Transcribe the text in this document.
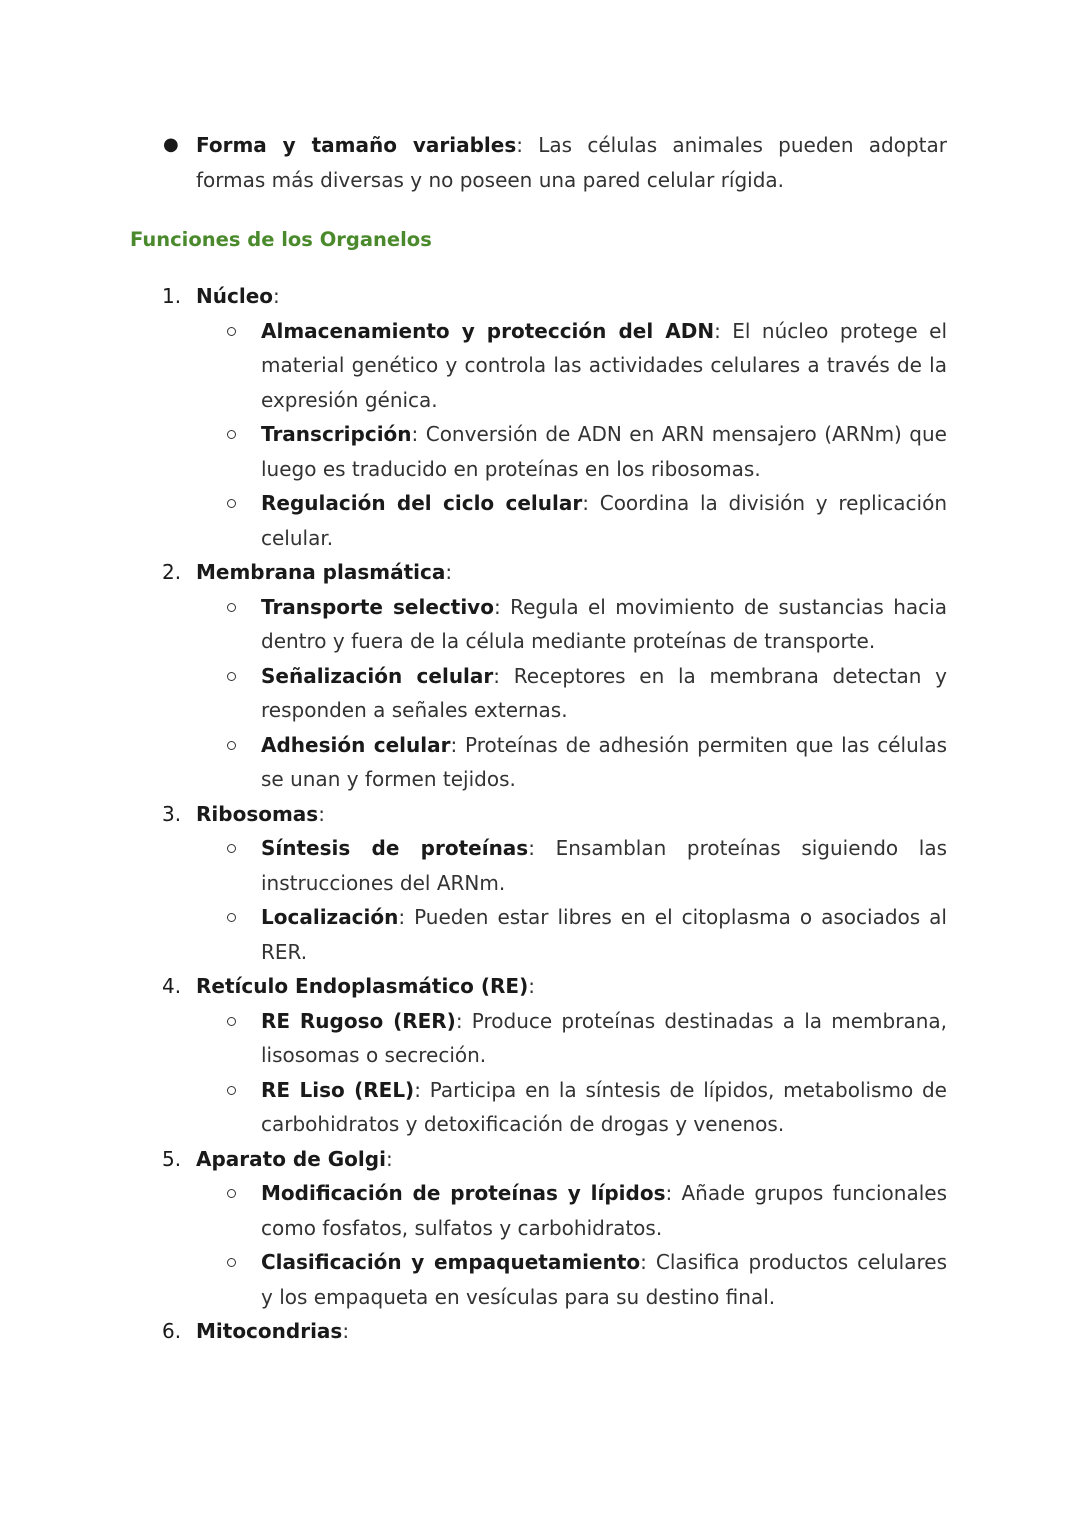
● Forma y tamaño variables: Las células animales pueden adoptar formas más diversas y no poseen una pared celular rígida.
Funciones de los Organelos
1. Núcleo:
Almacenamiento y protección del ADN: El núcleo protege el material genético y controla las actividades celulares a través de la expresión génica.
Transcripción: Conversión de ADN en ARN mensajero (ARNm) que luego es traducido en proteínas en los ribosomas.
Regulación del ciclo celular: Coordina la división y replicación celular.
2. Membrana plasmática:
Transporte selectivo: Regula el movimiento de sustancias hacia dentro y fuera de la célula mediante proteínas de transporte.
Señalización celular: Receptores en la membrana detectan y responden a señales externas.
Adhesión celular: Proteínas de adhesión permiten que las células se unan y formen tejidos.
3. Ribosomas:
Síntesis de proteínas: Ensamblan proteínas siguiendo las instrucciones del ARNm.
Localización: Pueden estar libres en el citoplasma o asociados al RER.
4. Retículo Endoplasmático (RE):
RE Rugoso (RER): Produce proteínas destinadas a la membrana, lisosomas o secreción.
RE Liso (REL): Participa en la síntesis de lípidos, metabolismo de carbohidratos y detoxificación de drogas y venenos.
5. Aparato de Golgi:
Modificación de proteínas y lípidos: Añade grupos funcionales como fosfatos, sulfatos y carbohidratos.
Clasificación y empaquetamiento: Clasifica productos celulares y los empaqueta en vesículas para su destino final.
6. Mitocondrias:
